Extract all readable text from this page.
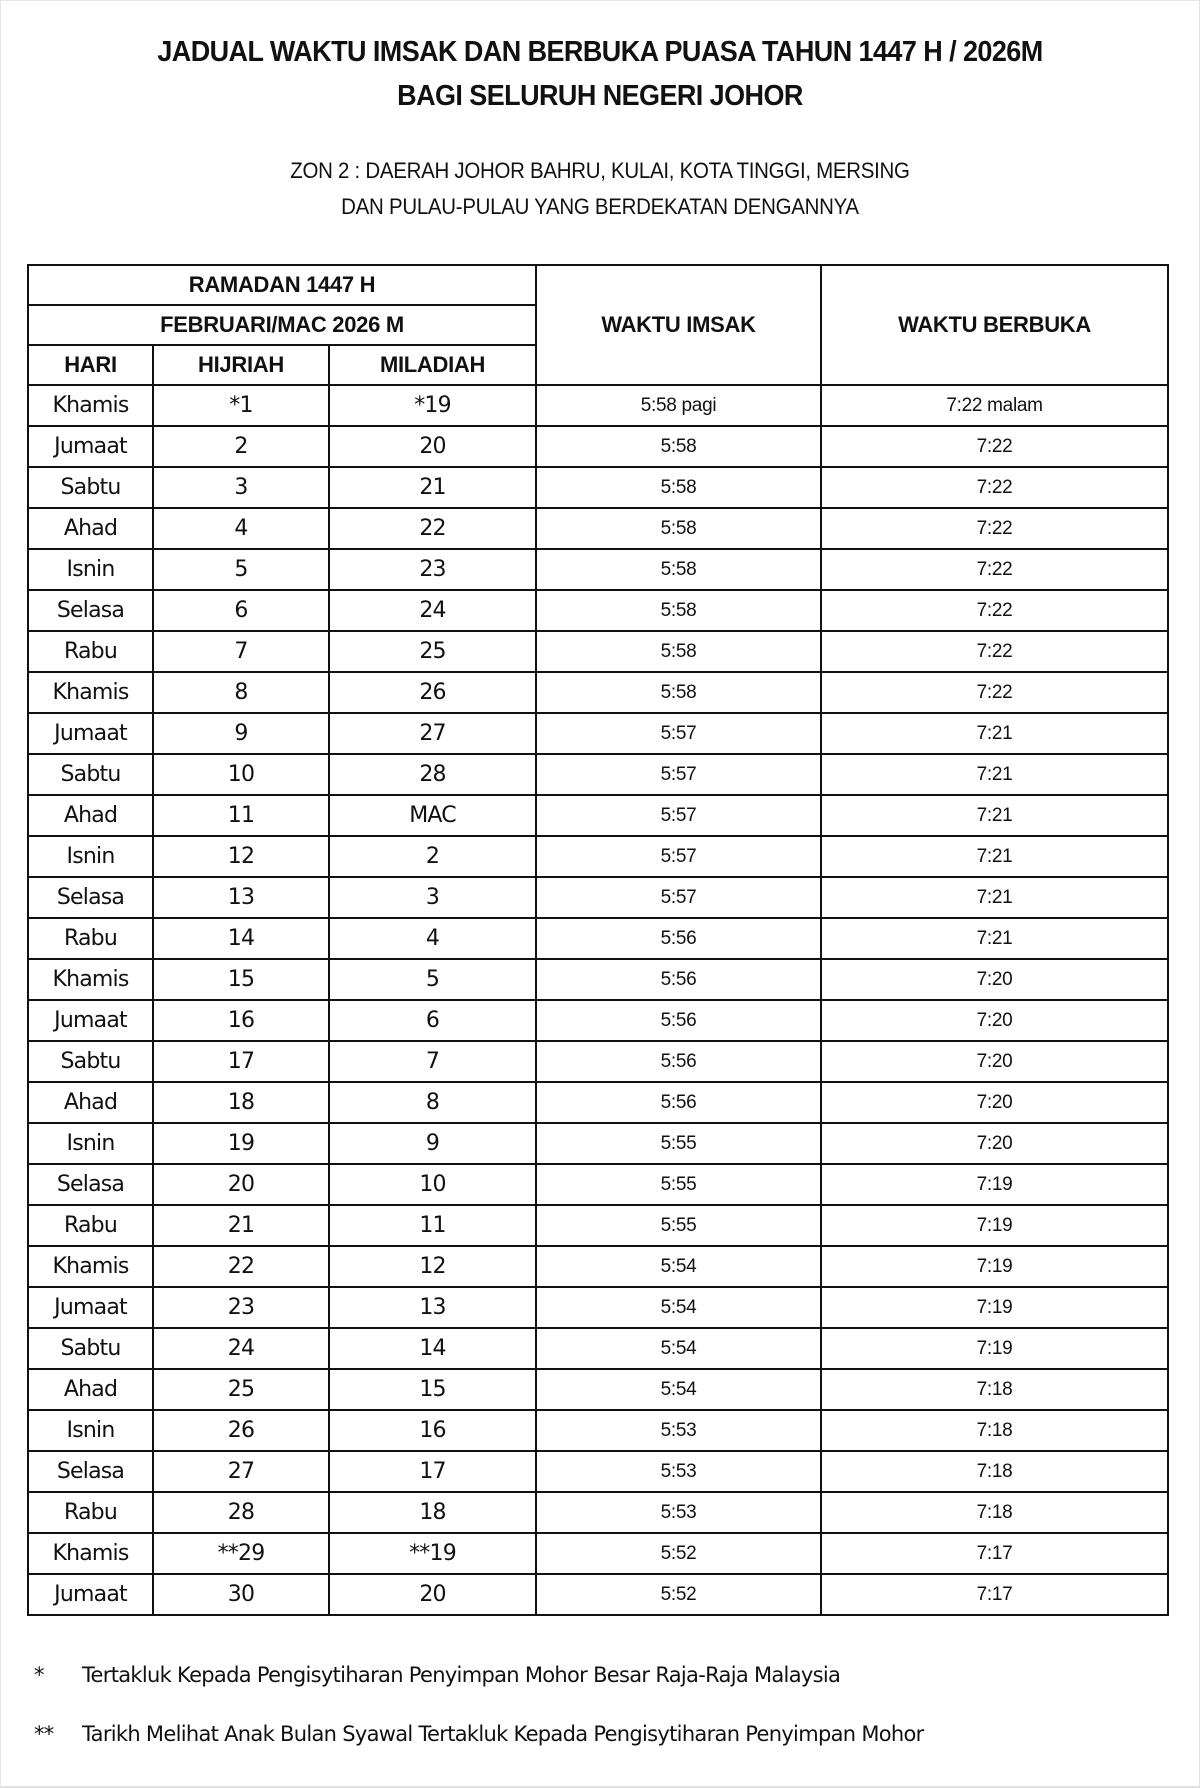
JADUAL WAKTU IMSAK DAN BERBUKA PUASA TAHUN 1447 H / 2026M
BAGI SELURUH NEGERI JOHOR
ZON 2 : DAERAH JOHOR BAHRU, KULAI, KOTA TINGGI, MERSING
DAN PULAU-PULAU YANG BERDEKATAN DENGANNYA
RAMADAN 1447 H			WAKTU IMSAK	WAKTU BERBUKA
FEBRUARI/MAC 2026 M				
HARI	HIJRIAH	MILADIAH		
Khamis	*1	*19	5:58 pagi	7:22 malam
Jumaat	2	20	5:58	7:22
Sabtu	3	21	5:58	7:22
Ahad	4	22	5:58	7:22
Isnin	5	23	5:58	7:22
Selasa	6	24	5:58	7:22
Rabu	7	25	5:58	7:22
Khamis	8	26	5:58	7:22
Jumaat	9	27	5:57	7:21
Sabtu	10	28	5:57	7:21
Ahad	11	MAC	5:57	7:21
Isnin	12	2	5:57	7:21
Selasa	13	3	5:57	7:21
Rabu	14	4	5:56	7:21
Khamis	15	5	5:56	7:20
Jumaat	16	6	5:56	7:20
Sabtu	17	7	5:56	7:20
Ahad	18	8	5:56	7:20
Isnin	19	9	5:55	7:20
Selasa	20	10	5:55	7:19
Rabu	21	11	5:55	7:19
Khamis	22	12	5:54	7:19
Jumaat	23	13	5:54	7:19
Sabtu	24	14	5:54	7:19
Ahad	25	15	5:54	7:18
Isnin	26	16	5:53	7:18
Selasa	27	17	5:53	7:18
Rabu	28	18	5:53	7:18
Khamis	**29	**19	5:52	7:17
Jumaat	30	20	5:52	7:17
*	Tertakluk Kepada Pengisytiharan Penyimpan Mohor Besar Raja-Raja Malaysia
**	Tarikh Melihat Anak Bulan Syawal Tertakluk Kepada Pengisytiharan Penyimpan Mohor
